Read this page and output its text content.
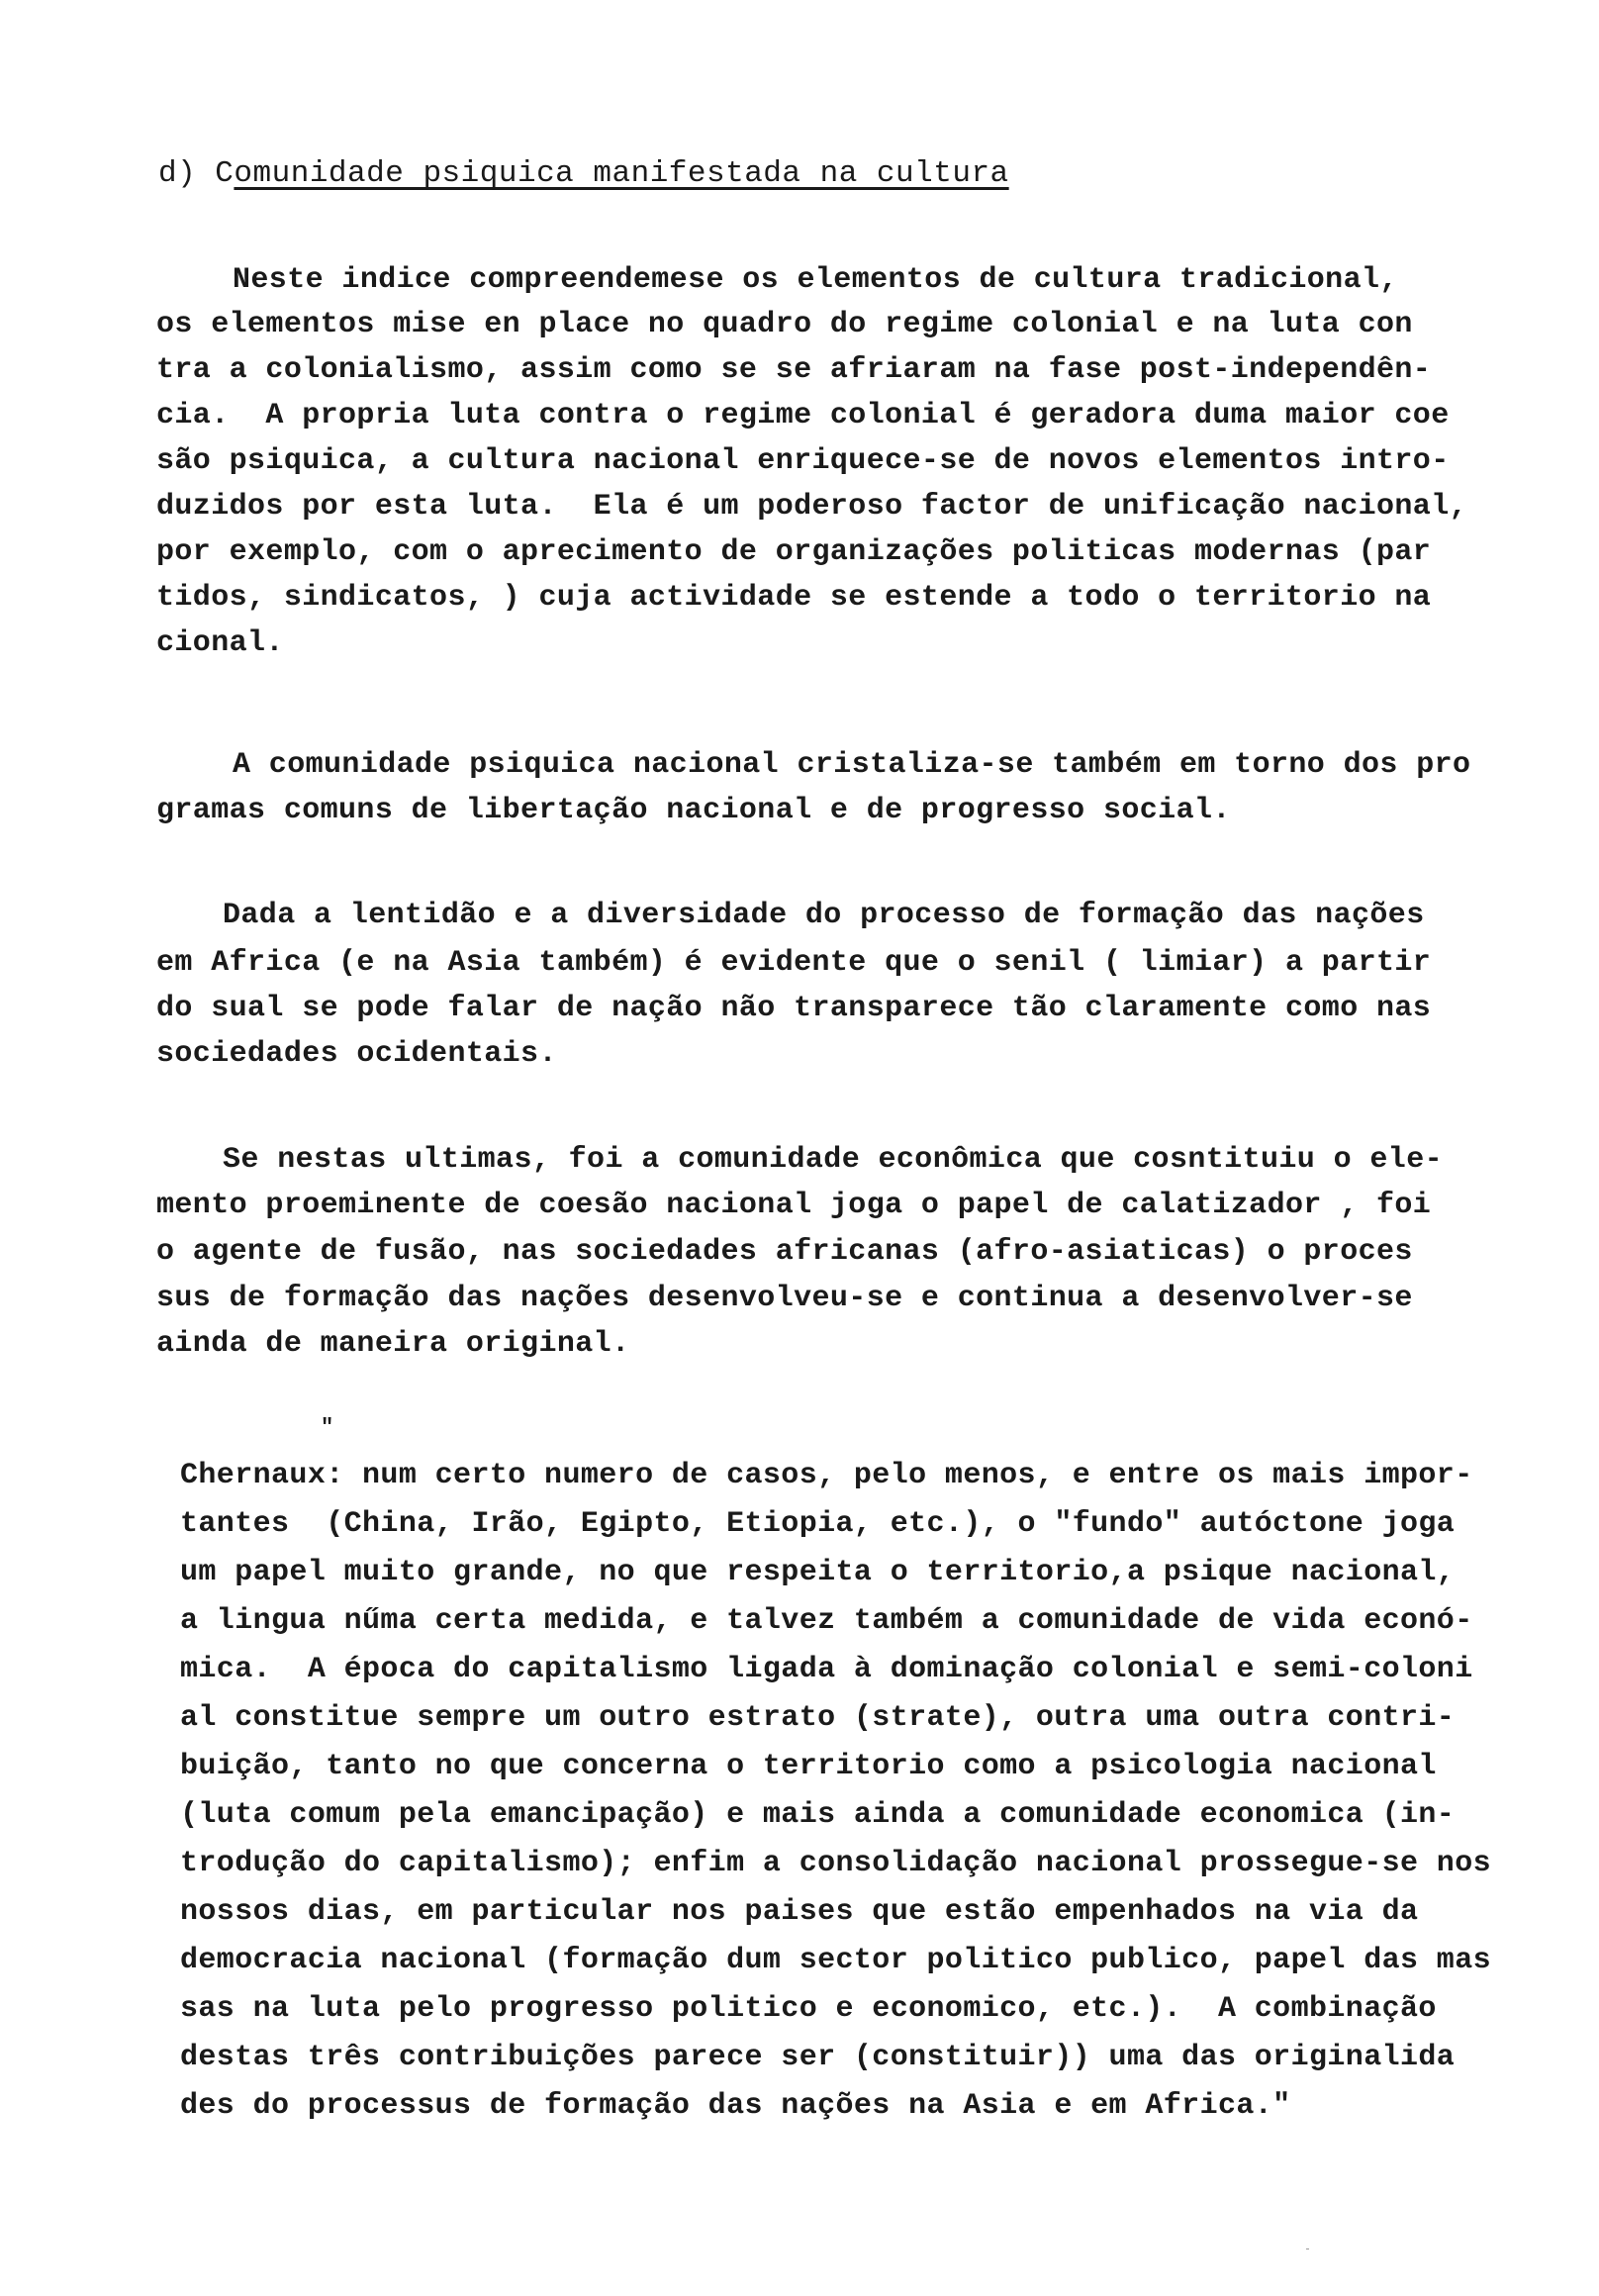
d) Comunidade psiquica manifestada na cultura
Neste indice compreendemese os elementos de cultura tradicional,
os elementos mise en place no quadro do regime colonial e na luta con
tra a colonialismo, assim como se se afriaram na fase post-independên-
cia.  A propria luta contra o regime colonial é geradora duma maior coe
são psiquica, a cultura nacional enriquece-se de novos elementos intro-
duzidos por esta luta.  Ela é um poderoso factor de unificação nacional,
por exemplo, com o aprecimento de organizações politicas modernas (par
tidos, sindicatos, ) cuja actividade se estende a todo o territorio na
cional.
A comunidade psiquica nacional cristaliza-se também em torno dos pro
gramas comuns de libertação nacional e de progresso social.
Dada a lentidão e a diversidade do processo de formação das nações
em Africa (e na Asia também) é evidente que o senil ( limiar) a partir
do sual se pode falar de nação não transparece tão claramente como nas
sociedades ocidentais.
Se nestas ultimas, foi a comunidade econômica que cosntituiu o ele-
mento proeminente de coesão nacional joga o papel de calatizador , foi
o agente de fusão, nas sociedades africanas (afro-asiaticas) o proces
sus de formação das nações desenvolveu-se e continua a desenvolver-se
ainda de maneira original.
"
Chernaux: num certo numero de casos, pelo menos, e entre os mais impor-
tantes  (China, Irão, Egipto, Etiopia, etc.), o "fundo" autóctone joga
um papel muito grande, no que respeita o territorio,a psique nacional,
a lingua nűma certa medida, e talvez também a comunidade de vida econó-
mica.  A época do capitalismo ligada à dominação colonial e semi-coloni
al constitue sempre um outro estrato (strate), outra uma outra contri-
buição, tanto no que concerna o territorio como a psicologia nacional
(luta comum pela emancipação) e mais ainda a comunidade economica (in-
trodução do capitalismo); enfim a consolidação nacional prossegue-se nos
nossos dias, em particular nos paises que estão empenhados na via da
democracia nacional (formação dum sector politico publico, papel das mas
sas na luta pelo progresso politico e economico, etc.).  A combinação
destas três contribuições parece ser (constituir)) uma das originalida
des do processus de formação das nações na Asia e em Africa."
